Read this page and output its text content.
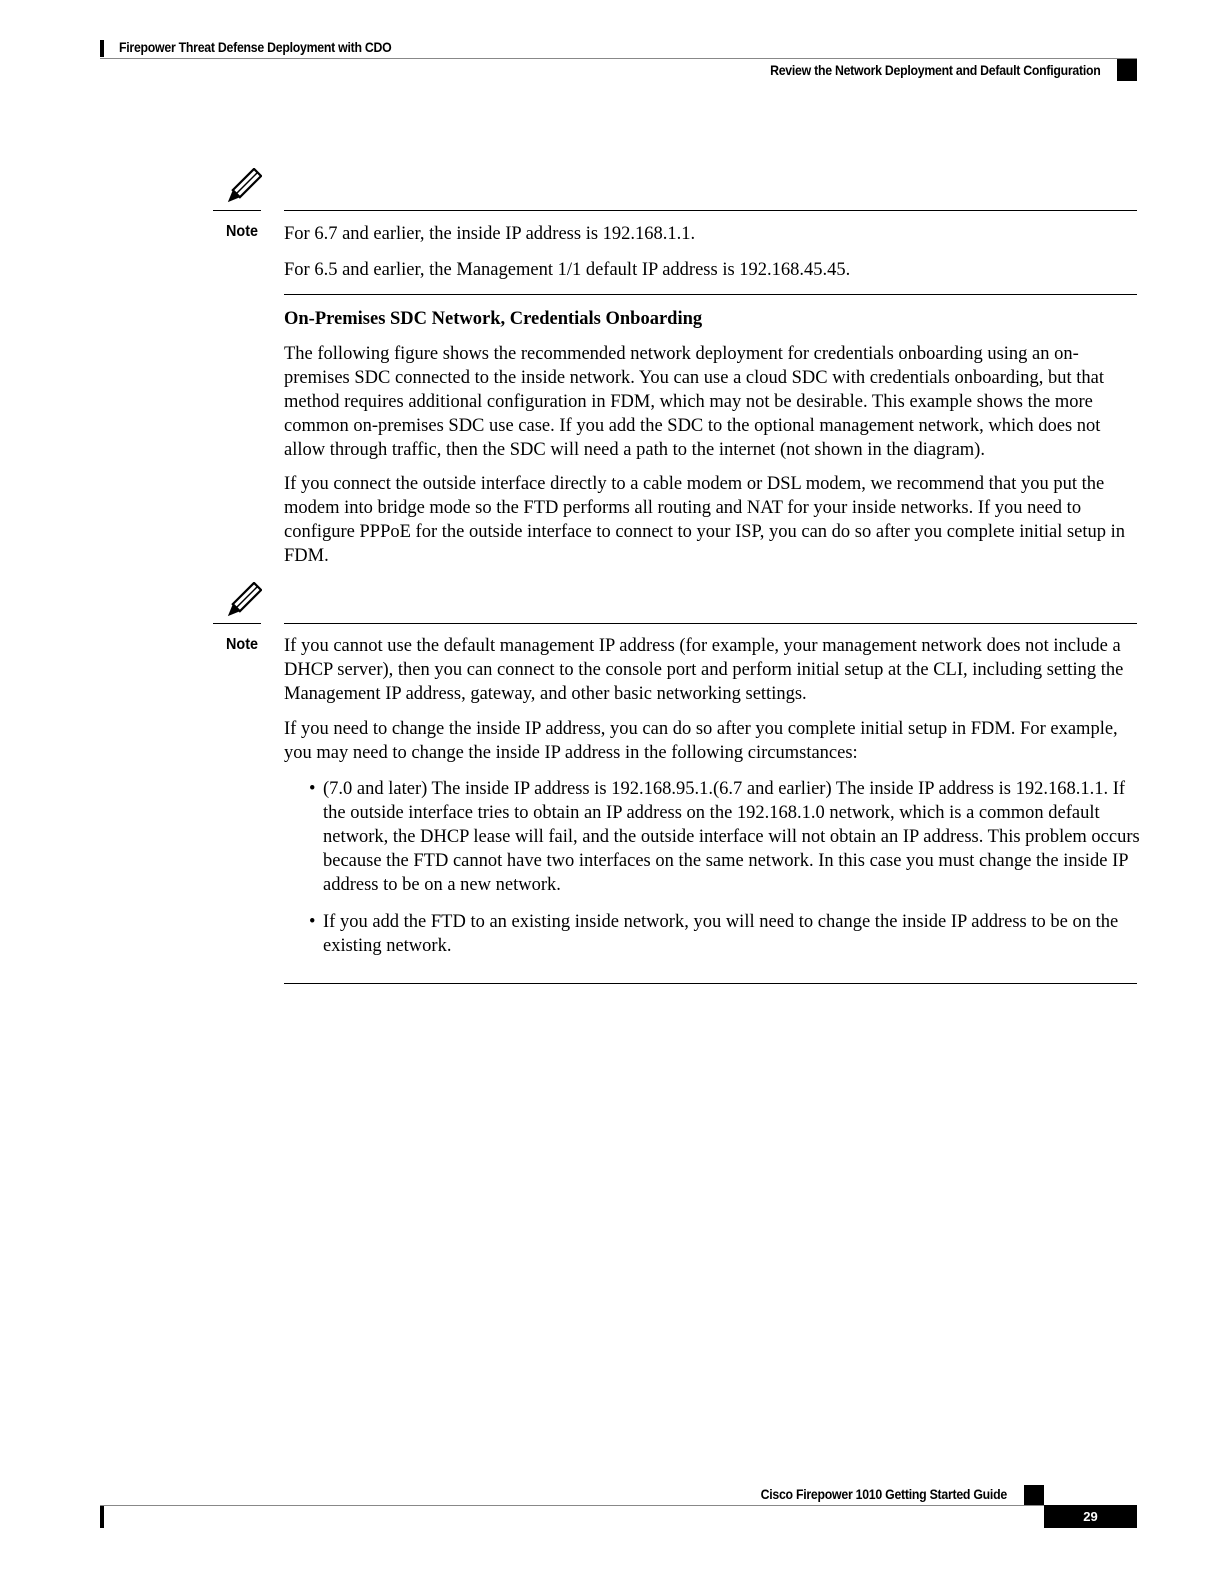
Firepower Threat Defense Deployment with CDO
Review the Network Deployment and Default Configuration
Note For 6.7 and earlier, the inside IP address is 192.168.1.1.

For 6.5 and earlier, the Management 1/1 default IP address is 192.168.45.45.

On-Premises SDC Network, Credentials Onboarding

The following figure shows the recommended network deployment for credentials onboarding using an on-premises SDC connected to the inside network. You can use a cloud SDC with credentials onboarding, but that method requires additional configuration in FDM, which may not be desirable. This example shows the more common on-premises SDC use case. If you add the SDC to the optional management network, which does not allow through traffic, then the SDC will need a path to the internet (not shown in the diagram).

If you connect the outside interface directly to a cable modem or DSL modem, we recommend that you put the modem into bridge mode so the FTD performs all routing and NAT for your inside networks. If you need to configure PPPoE for the outside interface to connect to your ISP, you can do so after you complete initial setup in FDM.

Note If you cannot use the default management IP address (for example, your management network does not include a DHCP server), then you can connect to the console port and perform initial setup at the CLI, including setting the Management IP address, gateway, and other basic networking settings.

If you need to change the inside IP address, you can do so after you complete initial setup in FDM. For example, you may need to change the inside IP address in the following circumstances:

• (7.0 and later) The inside IP address is 192.168.95.1.(6.7 and earlier) The inside IP address is 192.168.1.1. If the outside interface tries to obtain an IP address on the 192.168.1.0 network, which is a common default network, the DHCP lease will fail, and the outside interface will not obtain an IP address. This problem occurs because the FTD cannot have two interfaces on the same network. In this case you must change the inside IP address to be on a new network.
• If you add the FTD to an existing inside network, you will need to change the inside IP address to be on the existing network.
Cisco Firepower 1010 Getting Started Guide
29
